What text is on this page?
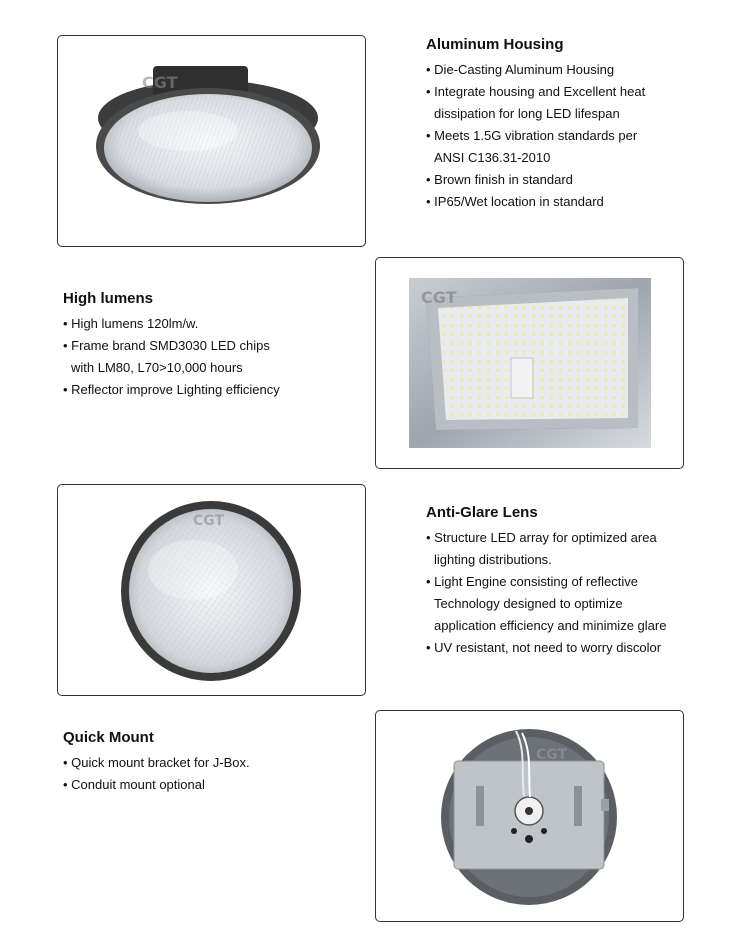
CGT
Aluminum Housing
• Die-Casting Aluminum Housing
• Integrate housing and Excellent heat
dissipation for long LED lifespan
• Meets 1.5G vibration standards per
ANSI C136.31-2010
• Brown finish in standard
• IP65/Wet location in standard
High lumens
• High lumens 120lm/w.
• Frame brand SMD3030 LED chips
with LM80, L70>10,000 hours
• Reflector improve Lighting efficiency
CGT
CGT	Anti-Glare Lens
• Structure LED array for optimized area
lighting distributions.
• Light Engine consisting of reflective
Technology designed to optimize
application efficiency and minimize glare
• UV resistant, not need to worry discolor
Quick Mount
• Quick mount bracket for J-Box.
• Conduit mount optional
CGT
